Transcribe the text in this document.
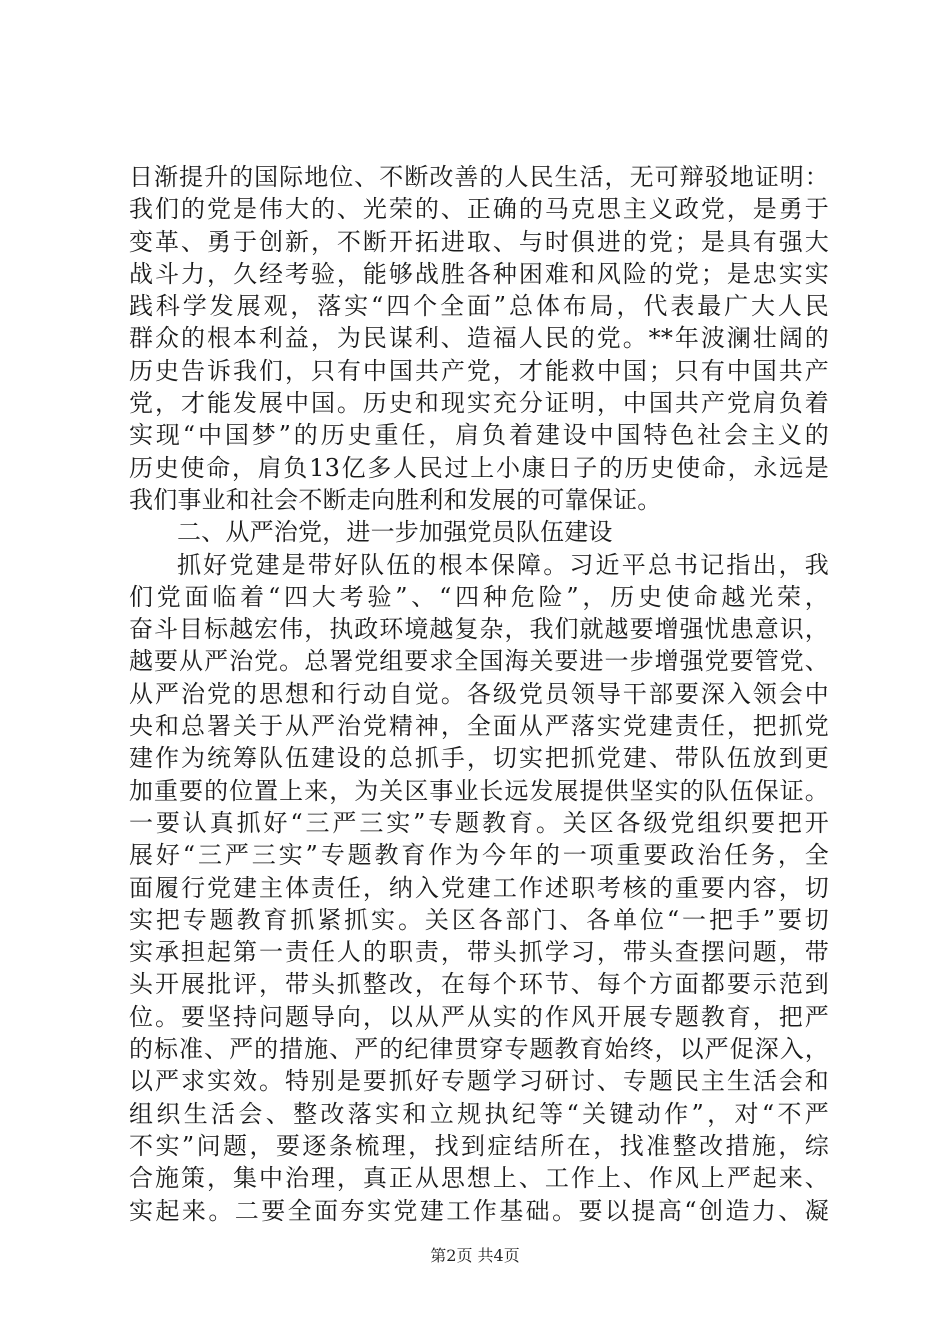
日渐提升的国际地位、不断改善的人民生活，无可辩驳地证明：
我们的党是伟大的、光荣的、正确的马克思主义政党，是勇于
变革、勇于创新，不断开拓进取、与时俱进的党；是具有强大
战斗力，久经考验，能够战胜各种困难和风险的党；是忠实实
践科学发展观，落实“四个全面”总体布局，代表最广大人民
群众的根本利益，为民谋利、造福人民的党。**年波澜壮阔的
历史告诉我们，只有中国共产党，才能救中国；只有中国共产
党，才能发展中国。历史和现实充分证明，中国共产党肩负着
实现“中国梦”的历史重任，肩负着建设中国特色社会主义的
历史使命，肩负13亿多人民过上小康日子的历史使命，永远是
我们事业和社会不断走向胜利和发展的可靠保证。
二、从严治党，进一步加强党员队伍建设
抓好党建是带好队伍的根本保障。习近平总书记指出，我
们党面临着“四大考验”、“四种危险”，历史使命越光荣，
奋斗目标越宏伟，执政环境越复杂，我们就越要增强忧患意识，
越要从严治党。总署党组要求全国海关要进一步增强党要管党、
从严治党的思想和行动自觉。各级党员领导干部要深入领会中
央和总署关于从严治党精神，全面从严落实党建责任，把抓党
建作为统筹队伍建设的总抓手，切实把抓党建、带队伍放到更
加重要的位置上来，为关区事业长远发展提供坚实的队伍保证。
一要认真抓好“三严三实”专题教育。关区各级党组织要把开
展好“三严三实”专题教育作为今年的一项重要政治任务，全
面履行党建主体责任，纳入党建工作述职考核的重要内容，切
实把专题教育抓紧抓实。关区各部门、各单位“一把手”要切
实承担起第一责任人的职责，带头抓学习，带头查摆问题，带
头开展批评，带头抓整改，在每个环节、每个方面都要示范到
位。要坚持问题导向，以从严从实的作风开展专题教育，把严
的标准、严的措施、严的纪律贯穿专题教育始终，以严促深入，
以严求实效。特别是要抓好专题学习研讨、专题民主生活会和
组织生活会、整改落实和立规执纪等“关键动作”，对“不严
不实”问题，要逐条梳理，找到症结所在，找准整改措施，综
合施策，集中治理，真正从思想上、工作上、作风上严起来、
实起来。二要全面夯实党建工作基础。要以提高“创造力、凝
第2页 共4页
